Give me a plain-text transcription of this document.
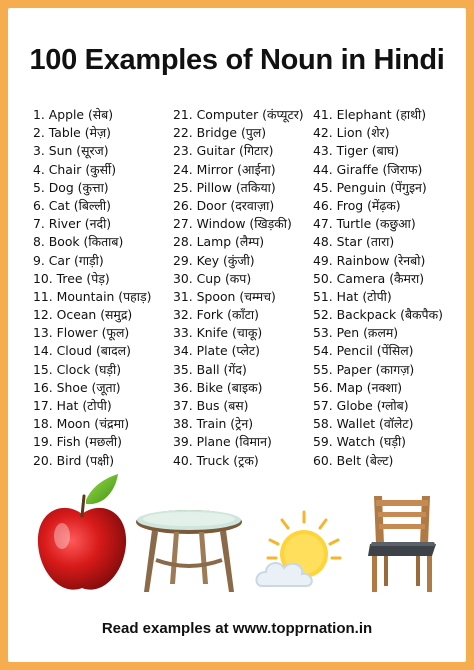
100 Examples of Noun in Hindi
1. Apple (सेब)
2. Table (मेज़)
3. Sun (सूरज)
4. Chair (कुर्सी)
5. Dog (कुत्ता)
6. Cat (बिल्ली)
7. River (नदी)
8. Book (किताब)
9. Car (गाड़ी)
10. Tree (पेड़)
11. Mountain (पहाड़)
12. Ocean (समुद्र)
13. Flower (फूल)
14. Cloud (बादल)
15. Clock (घड़ी)
16. Shoe (जूता)
17. Hat (टोपी)
18. Moon (चंद्रमा)
19. Fish (मछली)
20. Bird (पक्षी)
21. Computer (कंप्यूटर)
22. Bridge (पुल)
23. Guitar (गिटार)
24. Mirror (आईना)
25. Pillow (तकिया)
26. Door (दरवाज़ा)
27. Window (खिड़की)
28. Lamp (लैम्प)
29. Key (कुंजी)
30. Cup (कप)
31. Spoon (चम्मच)
32. Fork (काँटा)
33. Knife (चाकू)
34. Plate (प्लेट)
35. Ball (गेंद)
36. Bike (बाइक)
37. Bus (बस)
38. Train (ट्रेन)
39. Plane (विमान)
40. Truck (ट्रक)
41. Elephant (हाथी)
42. Lion (शेर)
43. Tiger (बाघ)
44. Giraffe (जिराफ)
45. Penguin (पेंगुइन)
46. Frog (मेंढ़क)
47. Turtle (कछुआ)
48. Star (तारा)
49. Rainbow (रेनबो)
50. Camera (कैमरा)
51. Hat (टोपी)
52. Backpack (बैकपैक)
53. Pen (क़लम)
54. Pencil (पेंसिल)
55. Paper (कागज़)
56. Map (नक्शा)
57. Globe (ग्लोब)
58. Wallet (वॉलेट)
59. Watch (घड़ी)
60. Belt (बेल्ट)
Read examples at www.topprnation.in
